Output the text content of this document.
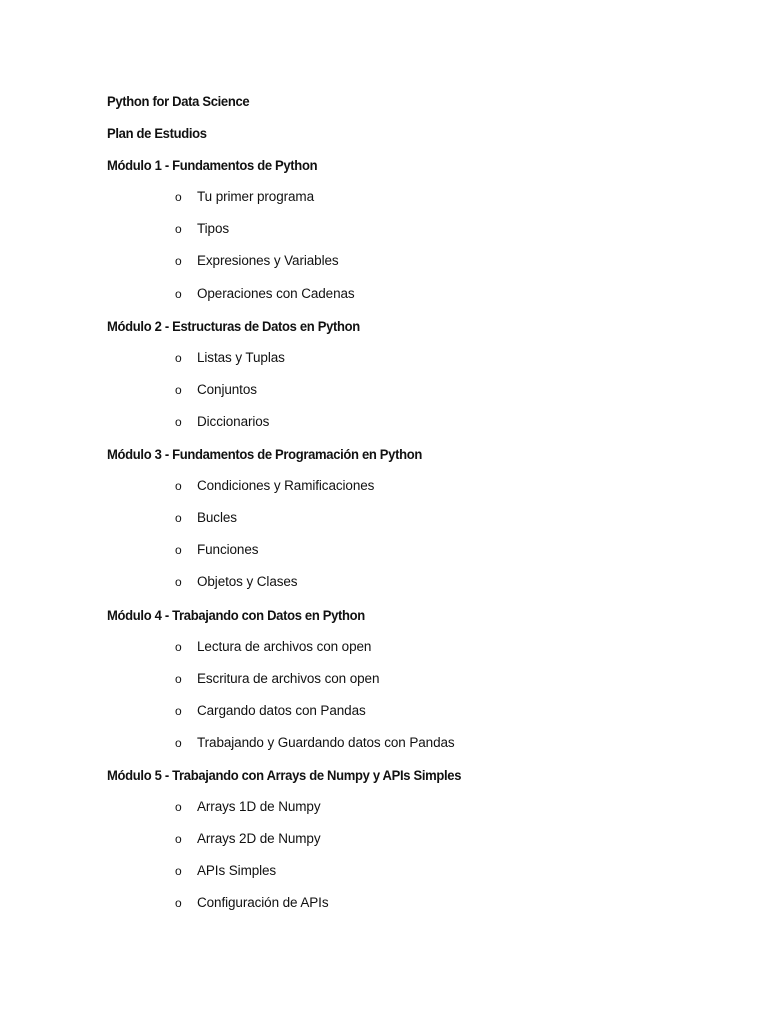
Python for Data Science
Plan de Estudios
Módulo 1 - Fundamentos de Python
o Tu primer programa
o Tipos
o Expresiones y Variables
o Operaciones con Cadenas
Módulo 2 - Estructuras de Datos en Python
o Listas y Tuplas
o Conjuntos
o Diccionarios
Módulo 3 - Fundamentos de Programación en Python
o Condiciones y Ramificaciones
o Bucles
o Funciones
o Objetos y Clases
Módulo 4 - Trabajando con Datos en Python
o Lectura de archivos con open
o Escritura de archivos con open
o Cargando datos con Pandas
o Trabajando y Guardando datos con Pandas
Módulo 5 - Trabajando con Arrays de Numpy y APIs Simples
o Arrays 1D de Numpy
o Arrays 2D de Numpy
o APIs Simples
o Configuración de APIs
